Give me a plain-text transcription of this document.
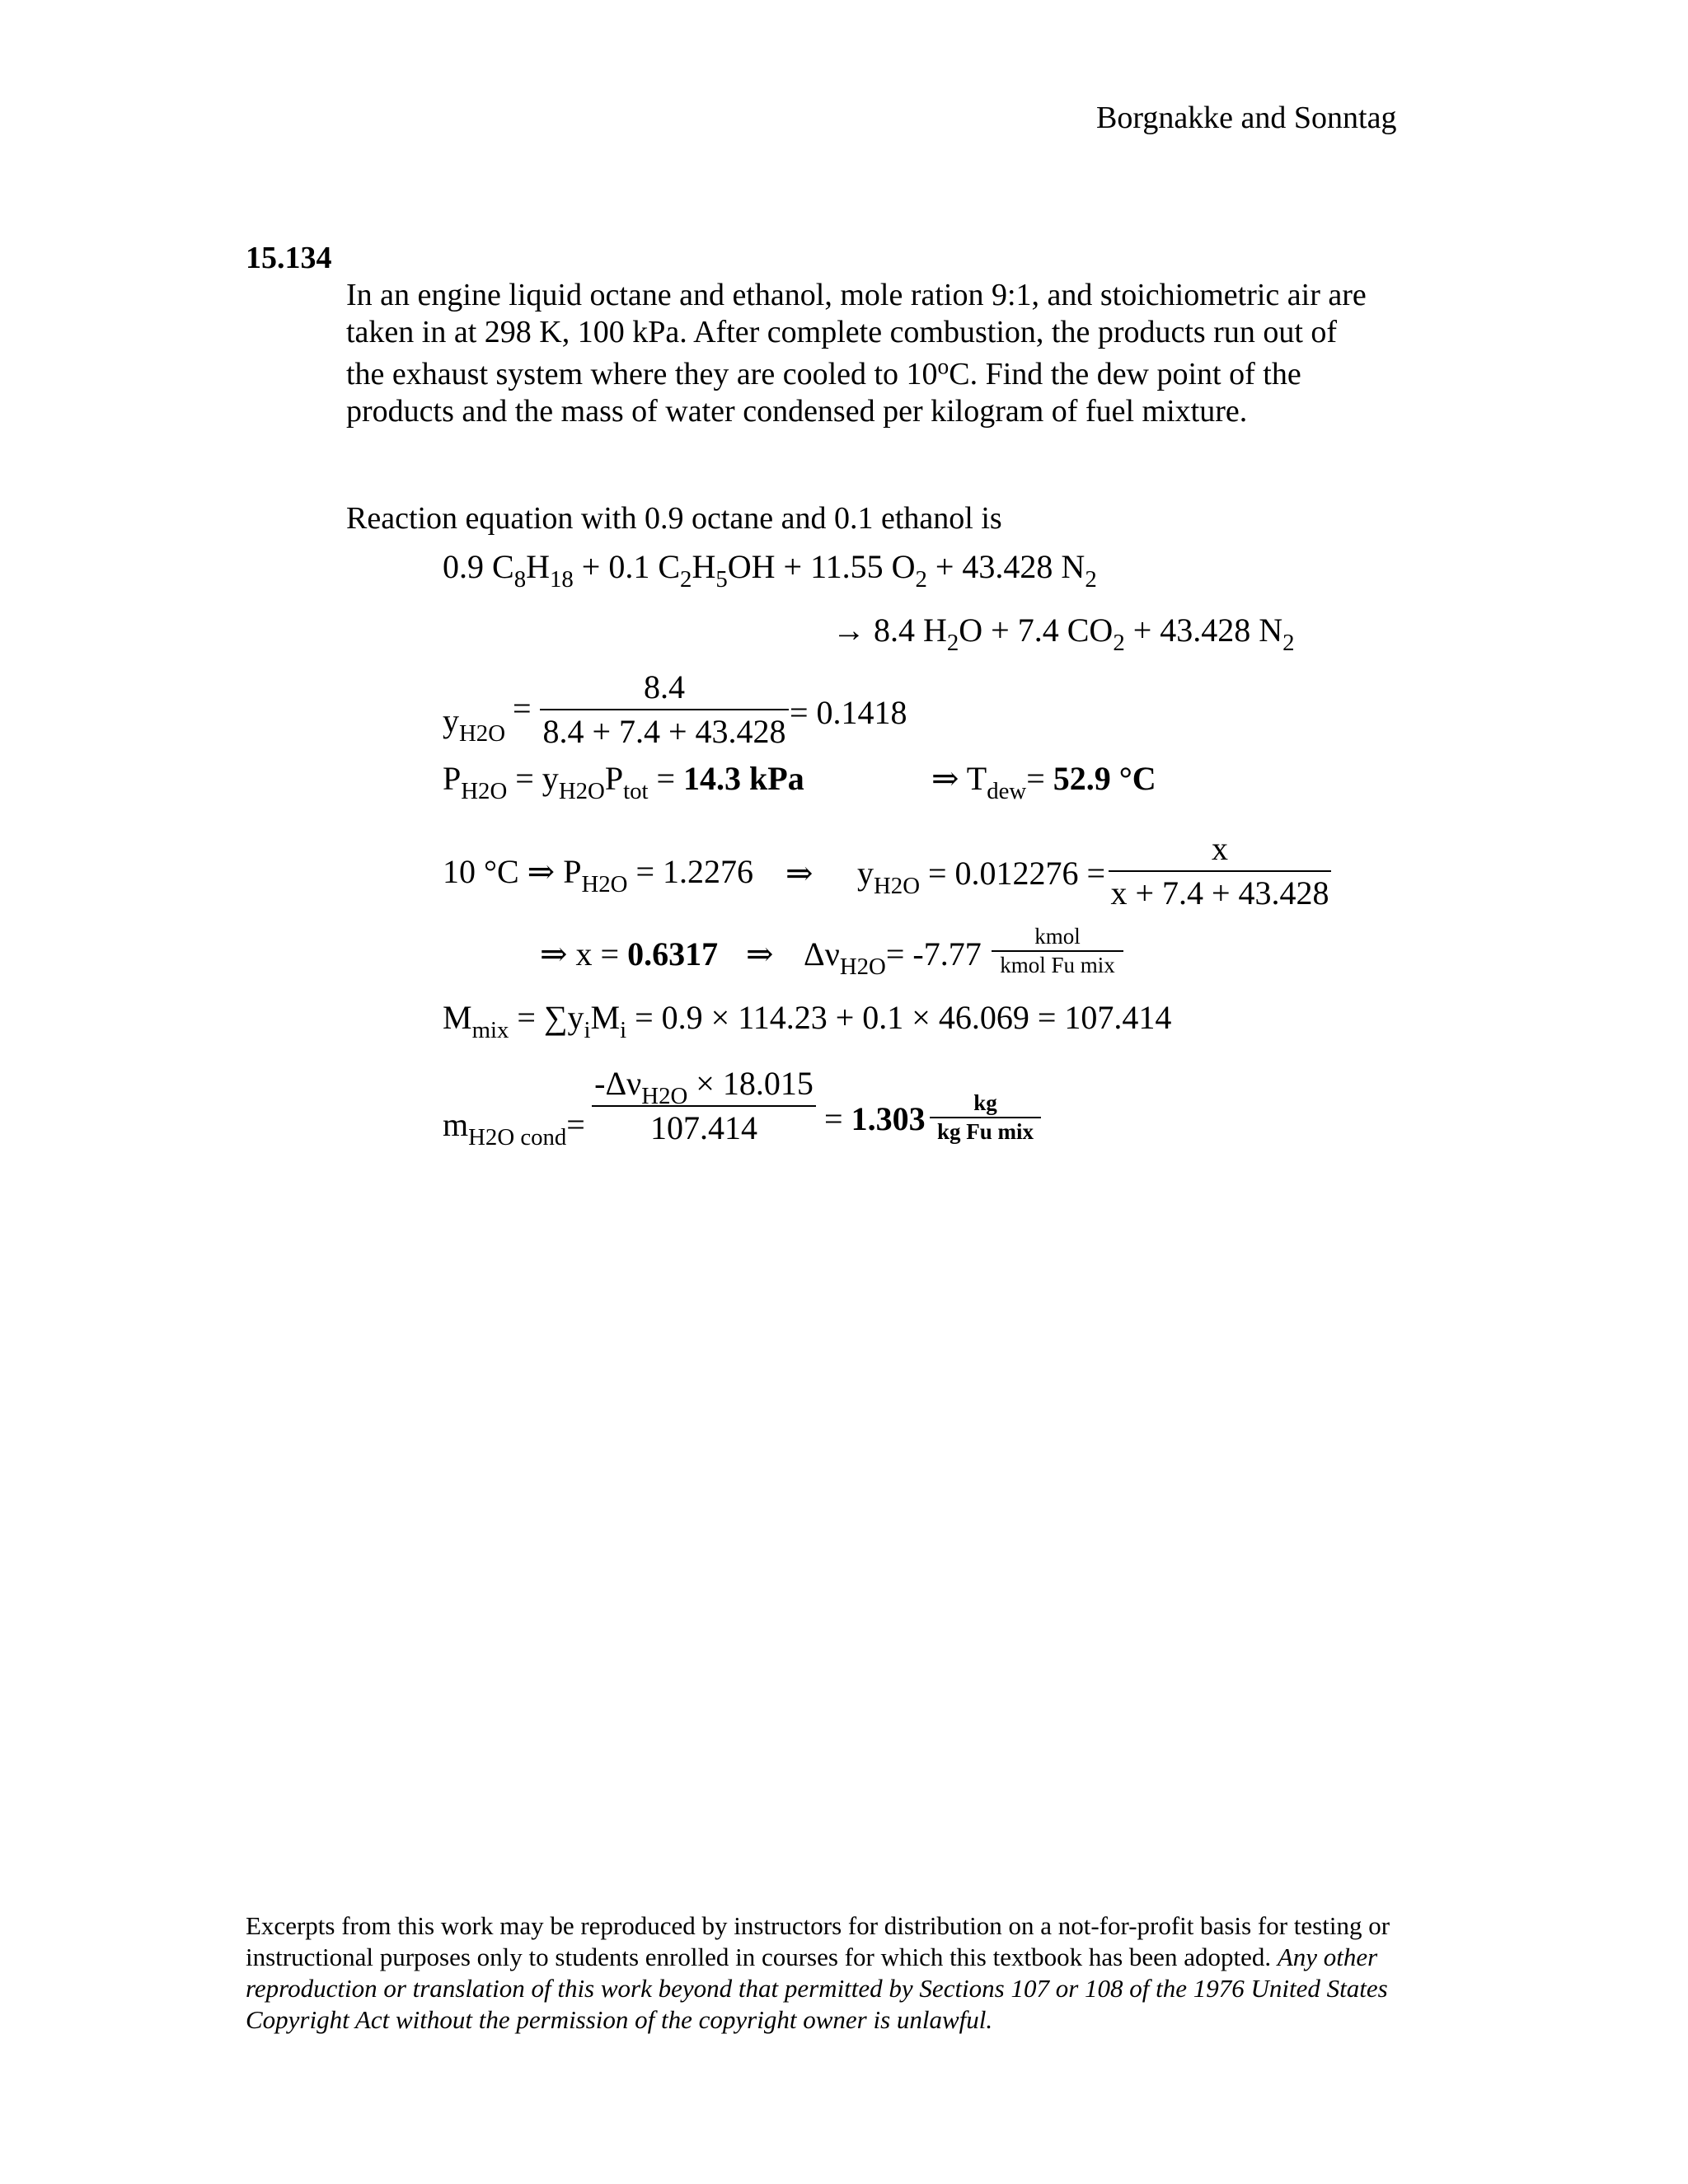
Borgnakke and Sonntag
15.134
In an engine liquid octane and ethanol, mole ration 9:1, and stoichiometric air are
taken in at 298 K, 100 kPa. After complete combustion, the products run out of
the exhaust system where they are cooled to 10$^o$C. Find the dew point of the
products and the mass of water condensed per kilogram of fuel mixture.
Reaction equation with 0.9 octane and 0.1 ethanol is
0.9 $C_8H_{18} + 0.1$ $C_2H_5OH + 11.55$ $O_2 + 43.428$ $N_2$
→ 8.4 $H_2O + 7.4$ $CO_2 + 43.428$ $N_2$
$y_{H2O}$
=
8.4
8.4 + 7.4 + 43.428
= 0.1418
$P_{H2O} = y_{H2O}P_{tot} = 14.3$ kPa	⇒ $T_{dew}= 52.9$ °C
10 °C ⇒ $P_{H2O} = 1.2276$ ⇒ $y_{H2O} = 0.012276$ =
x
x + 7.4 + 43.428
⇒ x = 0.6317 ⇒ $\Delta\nu_{H2O}= -7.77$	kmol
kmol Fu mix
$M_{mix} = \sum y_iM_i = 0.9 \times 114.23 + 0.1 \times 46.069 = 107.414$
$m_{H2O cond}=$
$-\Delta\nu_{H2O} \times 18.015$
107.414	= 1.303	kg
kg Fu mix
Excerpts from this work may be reproduced by instructors for distribution on a not-for-profit basis for testing or instructional purposes only to students enrolled in courses for which this textbook has been adopted. Any other reproduction or translation of this work beyond that permitted by Sections 107 or 108 of the 1976 United States Copyright Act without the permission of the copyright owner is unlawful.
